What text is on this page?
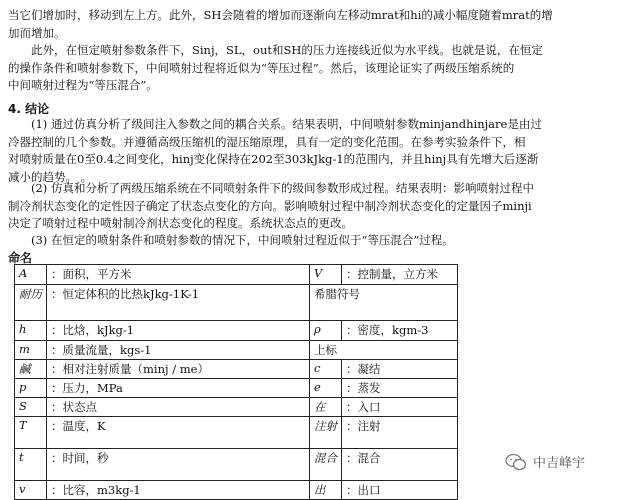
当它们增加时，移动到左上方。此外，SH会随着的增加而逐渐向左移动mrat和hi的减小幅度随着mrat的增
加而增加。

　　此外，在恒定喷射参数条件下，Sinj，SL，out和SH的压力连接线近似为水平线。也就是说，在恒定
的操作条件和喷射参数下，中间喷射过程将近似为“等压过程”。然后，该理论证实了两级压缩系统的
中间喷射过程为“等压混合”。

4. 结论

　　(1) 通过仿真分析了级间注入参数之间的耦合关系。结果表明，中间喷射参数minjandhinjare是由过
冷器控制的几个参数。并遵循高级压缩机的湿压缩原理，具有一定的变化范围。在参考实验条件下，相
对喷射质量在0至0.4之间变化，hinj变化保持在202至303kJkg-1的范围内，并且hinj具有先增大后逐渐
减小的趋势。 。

　　(2) 仿真和分析了两级压缩系统在不同喷射条件下的级间参数形成过程。结果表明：影响喷射过程中
制冷剂状态变化的定性因子确定了状态点变化的方向。影响喷射过程中制冷剂状态变化的定量因子minji
决定了喷射过程中喷射制冷剂状态变化的程度。系统状态点的更改。

　　(3) 在恒定的喷射条件和喷射参数的情况下，中间喷射过程近似于“等压混合”过程。

命名
A	：面积，平方米	V	：控制量，立方米
耐历	：恒定体积的比热kJkg-1K-1	希腊符号	
h	：比焓，kJkg-1	ρ	：密度，kgm-3
m	：质量流量，kgs-1	上标	
鹹	：相对注射质量（minj / me）	c	：凝结
p	：压力，MPa	e	：蒸发
S	：状态点	在	：入口
T	：温度，K	注射	：注射
t	：时间，秒	混合	：混合
v	：比容，m3kg-1	出	：出口
中吉峰宇
